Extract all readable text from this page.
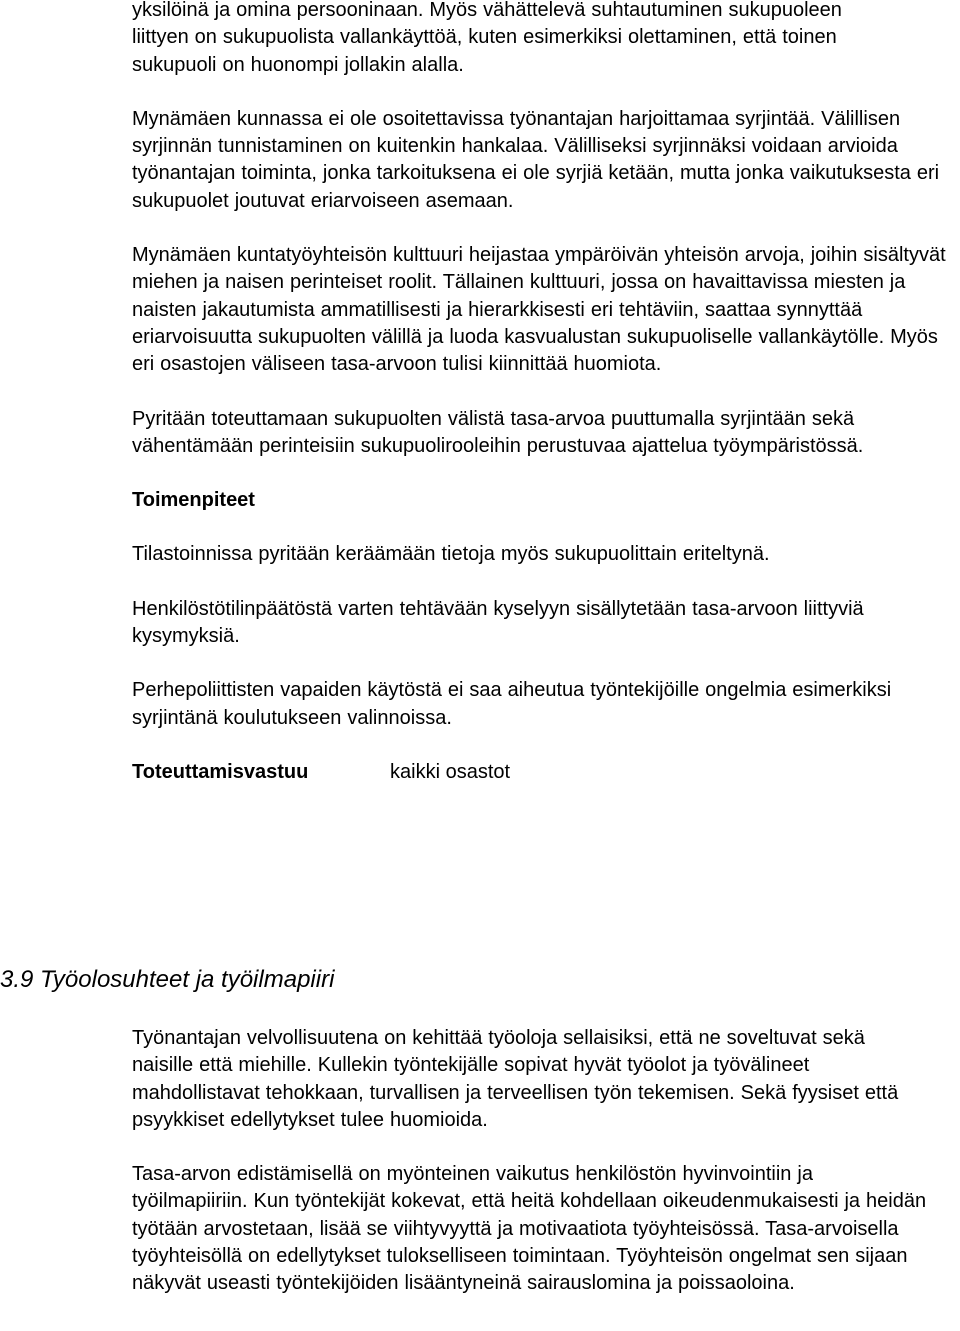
yksilöinä ja omina persooninaan. Myös vähättelevä suhtautuminen sukupuoleen liittyen on sukupuolista vallankäyttöä, kuten esimerkiksi olettaminen, että toinen sukupuoli on huonompi jollakin alalla.

Mynämäen kunnassa ei ole osoitettavissa työnantajan harjoittamaa syrjintää. Välillisen syrjinnän tunnistaminen on kuitenkin hankalaa. Välilliseksi syrjinnäksi voidaan arvioida työnantajan toiminta, jonka tarkoituksena ei ole syrjiä ketään, mutta jonka vaikutuksesta eri sukupuolet joutuvat eriarvoiseen asemaan.

Mynämäen kuntatyöyhteisön kulttuuri heijastaa ympäröivän yhteisön arvoja, joihin sisältyvät miehen ja naisen perinteiset roolit. Tällainen kulttuuri, jossa on havaittavissa miesten ja naisten jakautumista ammatillisesti ja hierarkkisesti eri tehtäviin, saattaa synnyttää eriarvoisuutta sukupuolten välillä ja luoda kasvualustan sukupuoliselle vallankäytölle. Myös eri osastojen väliseen tasa-arvoon tulisi kiinnittää huomiota.

Pyritään toteuttamaan sukupuolten välistä tasa-arvoa puuttumalla syrjintään sekä vähentämään perinteisiin sukupuolirooleihin perustuvaa ajattelua työympäristössä.

Toimenpiteet

Tilastoinnissa pyritään keräämään tietoja myös sukupuolittain eriteltynä.

Henkilöstötilinpäätöstä varten tehtävään kyselyyn sisällytetään tasa-arvoon liittyviä kysymyksiä.

Perhepoliittisten vapaiden käytöstä ei saa aiheutua työntekijöille ongelmia esimerkiksi syrjintänä koulutukseen valinnoissa.

Toteuttamisvastuu	kaikki osastot
3.9 Työolosuhteet ja työilmapiiri

Työnantajan velvollisuutena on kehittää työoloja sellaisiksi, että ne soveltuvat sekä naisille että miehille. Kullekin työntekijälle sopivat hyvät työolot ja työvälineet mahdollistavat tehokkaan, turvallisen ja terveellisen työn tekemisen. Sekä fyysiset että psyykkiset edellytykset tulee huomioida.

Tasa-arvon edistämisellä on myönteinen vaikutus henkilöstön hyvinvointiin ja työilmapiiriin. Kun työntekijät kokevat, että heitä kohdellaan oikeudenmukaisesti ja heidän työtään arvostetaan, lisää se viihtyvyyttä ja motivaatiota työyhteisössä. Tasa-arvoisella työyhteisöllä on edellytykset tulokselliseen toimintaan. Työyhteisön ongelmat sen sijaan näkyvät useasti työntekijöiden lisääntyneinä sairauslomina ja poissaoloina.
